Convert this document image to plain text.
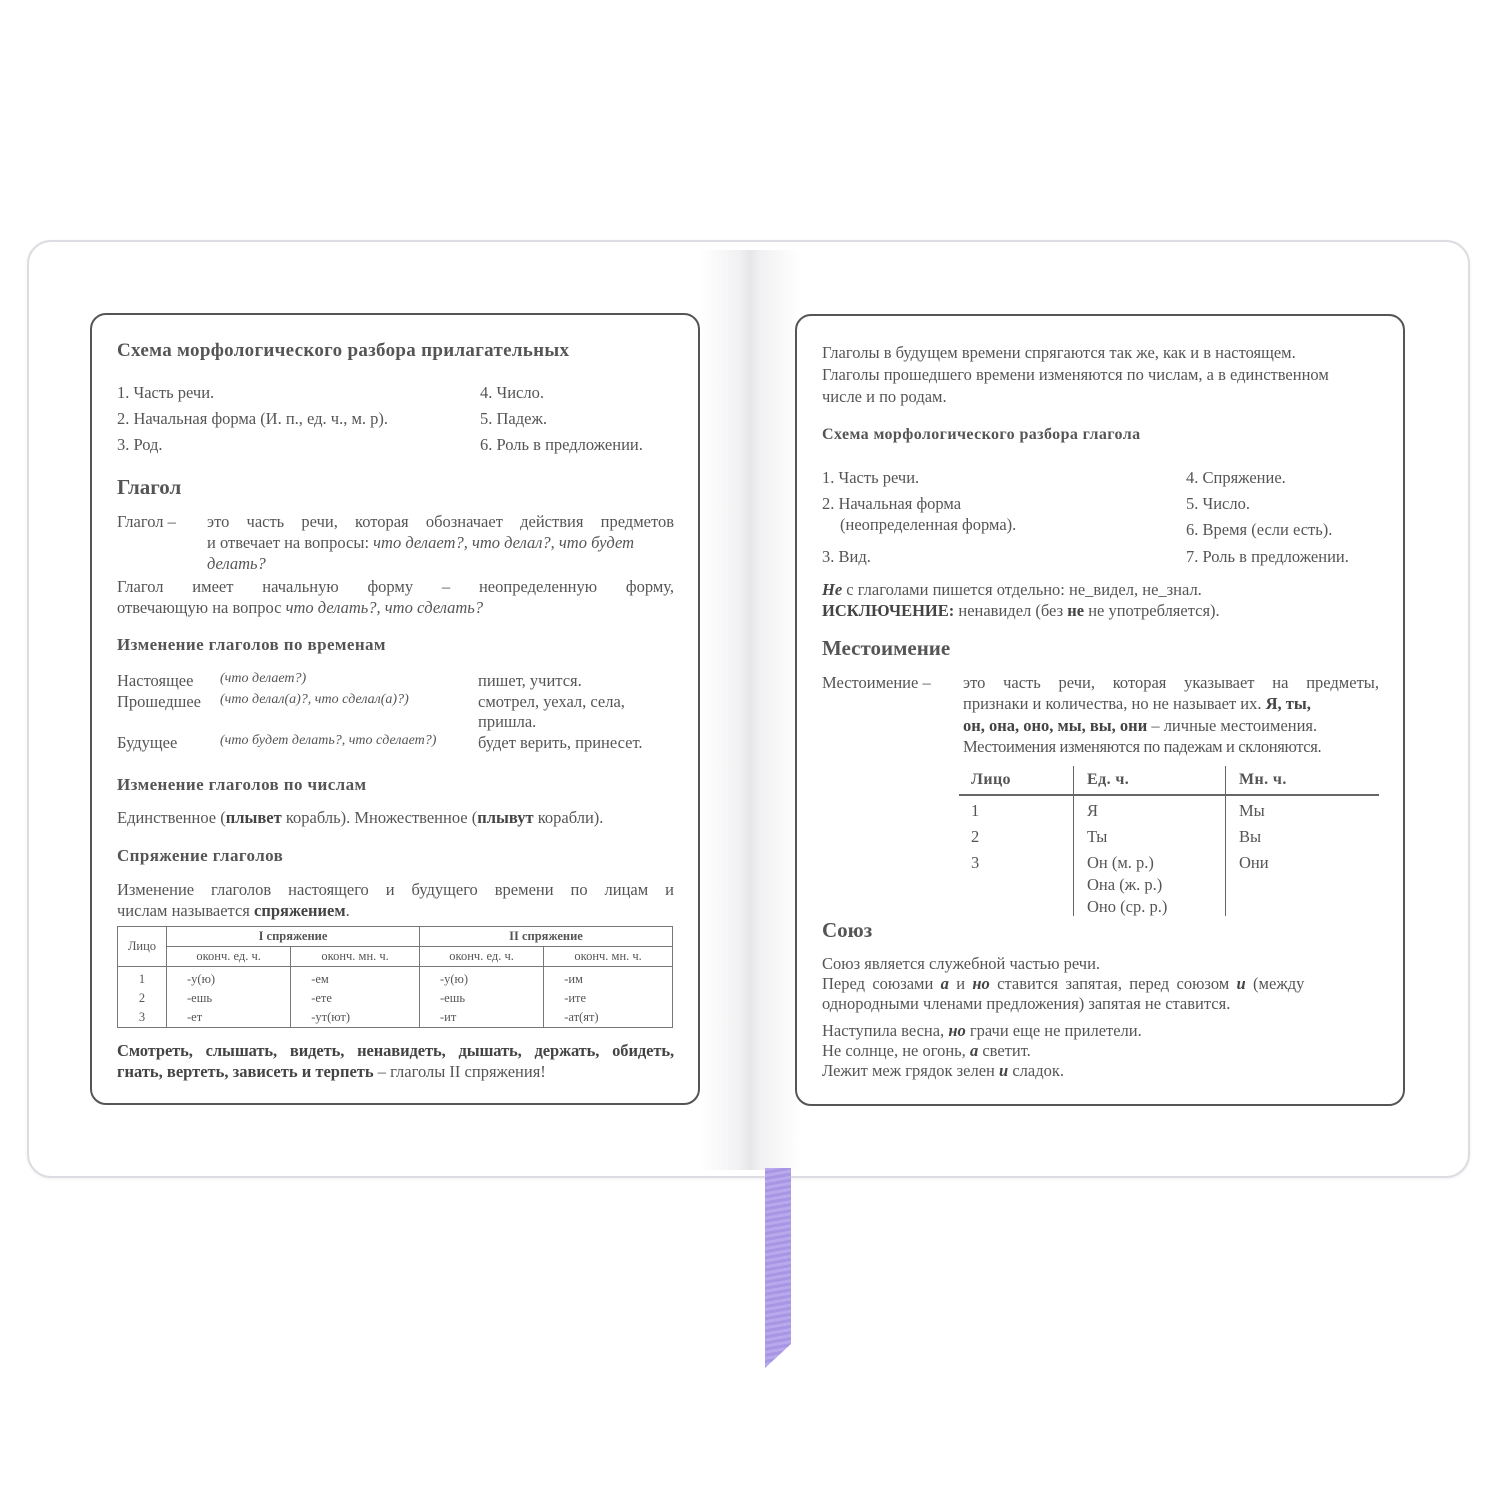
Схема морфологического разбора прилагательных
1. Часть речи.
2. Начальная форма (И. п., ед. ч., м. р).
3. Род.
4. Число.
5. Падеж.
6. Роль в предложении.
Глагол
Глагол – это часть речи, которая обозначает действия предметов
и отвечает на вопросы: что делает?, что делал?, что будет
делать?
Глагол имеет начальную форму – неопределенную форму,
отвечающую на вопрос что делать?, что сделать?
Изменение глаголов по временам
Настоящее (что делает?)	пишет, учится.
Прошедшее (что делал(а)?, что сделал(а)?)	смотрел, уехал, села,
пришла.
Будущее	(что будет делать?, что сделает?)	будет верить, принесет.
Изменение глаголов по числам
Единственное (плывет корабль). Множественное (плывут корабли).
Спряжение глаголов
Изменение глаголов настоящего и будущего времени по лицам и
числам называется спряжением.
Лицо	I спряжение		II спряжение	
	оконч. ед. ч.	оконч. мн. ч.	оконч. ед. ч.	оконч. мн. ч.
1	-у(ю)	-ем	-у(ю)	-им
2	-ешь	-ете	-ешь	-ите
3	-ет	-ут(ют)	-ит	-ат(ят)
Смотреть, слышать, видеть, ненавидеть, дышать, держать, обидеть,
гнать, вертеть, зависеть и терпеть – глаголы II спряжения!
Глаголы в будущем времени спрягаются так же, как и в настоящем.
Глаголы прошедшего времени изменяются по числам, а в единственном
числе и по родам.
Схема морфологического разбора глагола
1. Часть речи.
2. Начальная форма
(неопределенная форма).
3. Вид.
4. Спряжение.
5. Число.
6. Время (если есть).
7. Роль в предложении.
Не с глаголами пишется отдельно: не_видел, не_знал.
ИСКЛЮЧЕНИЕ: ненавидел (без не не употребляется).
Местоимение
Местоимение – это часть речи, которая указывает на предметы,
признаки и количества, но не называет их. Я, ты,
он, она, оно, мы, вы, они – личные местоимения.
Местоимения изменяются по падежам и склоняются.
Лицо	Ед. ч.	Мн. ч.
1	Я	Мы
2	Ты	Вы
3	Он (м. р.)	Они
Она (ж. р.)
Оно (ср. р.)
Союз
Союз является служебной частью речи.
Перед союзами а и но ставится запятая, перед союзом и (между
однородными членами предложения) запятая не ставится.
Наступила весна, но грачи еще не прилетели.
Не солнце, не огонь, а светит.
Лежит меж грядок зелен и сладок.
